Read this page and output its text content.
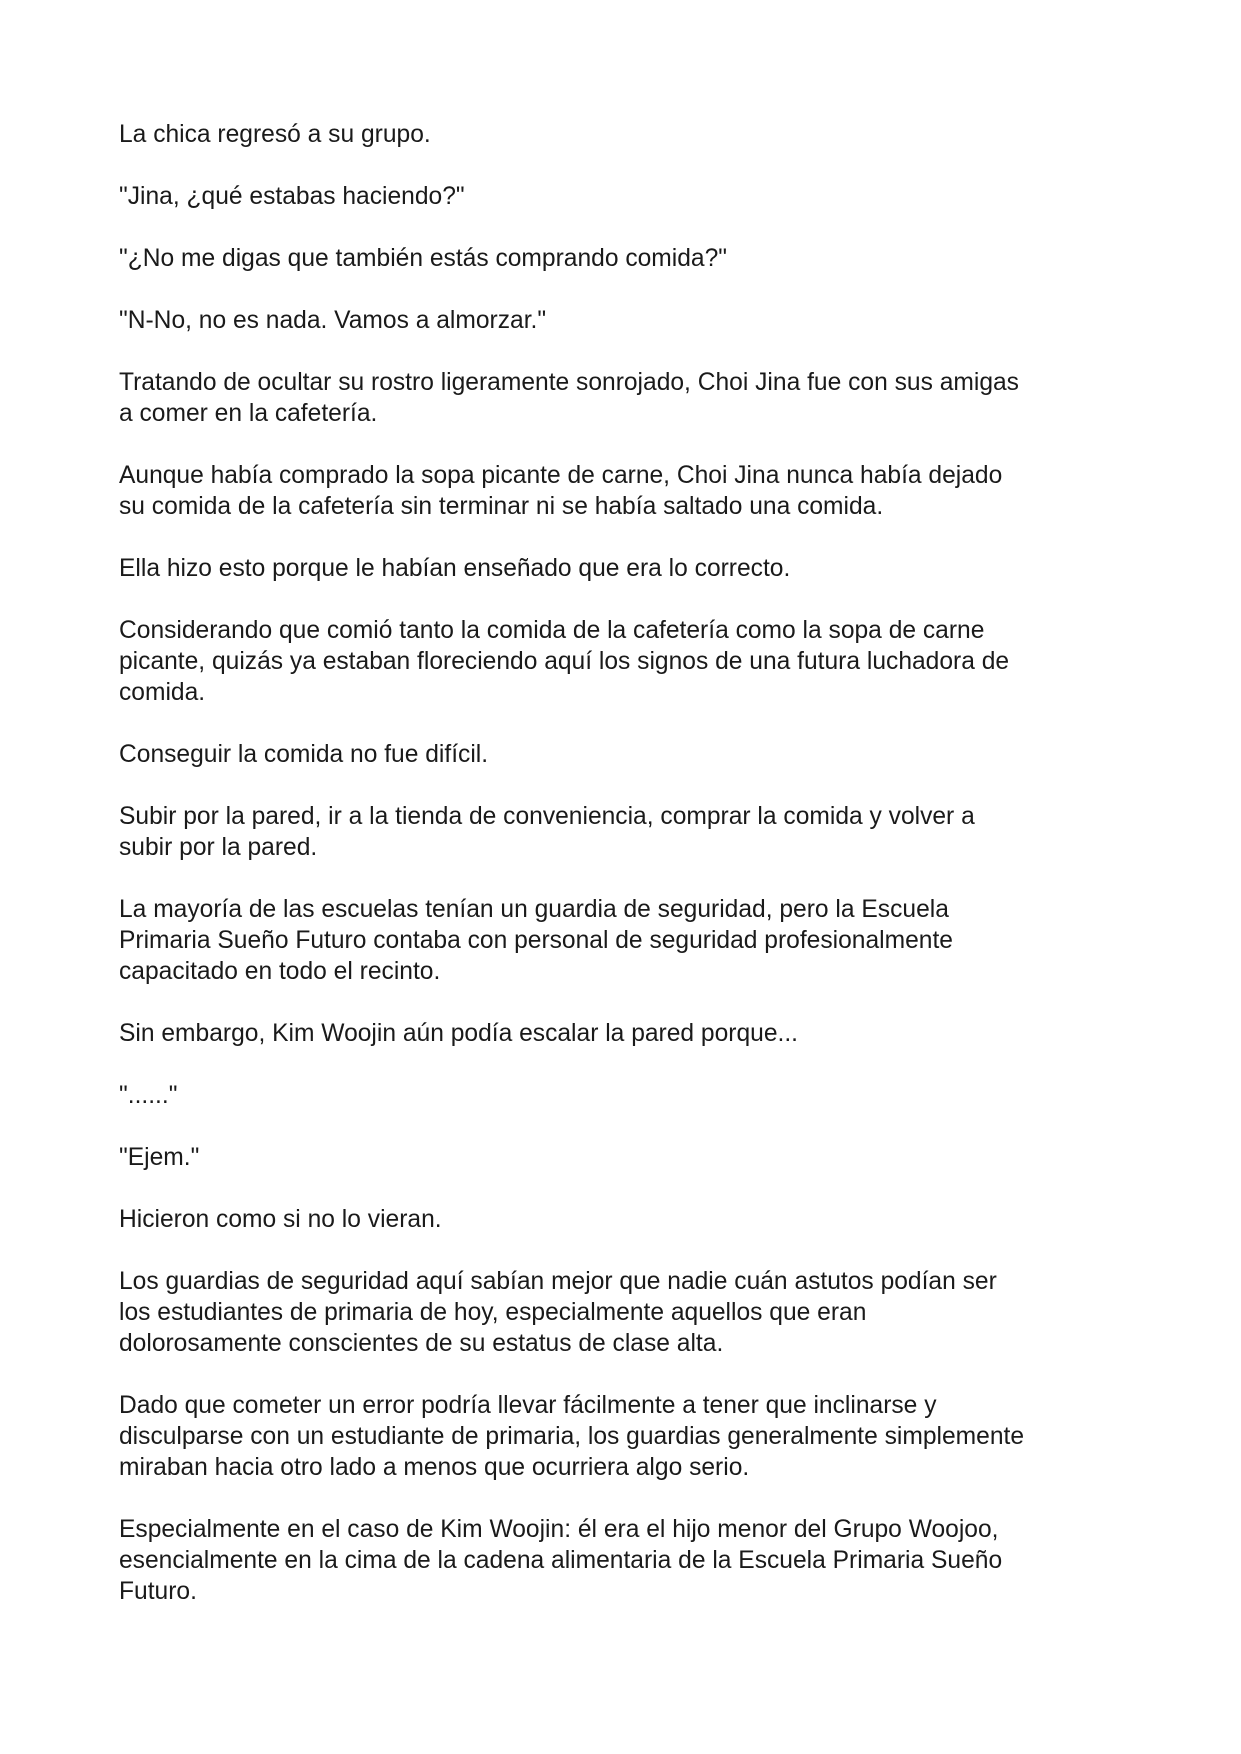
La chica regresó a su grupo.

"Jina, ¿qué estabas haciendo?"

"¿No me digas que también estás comprando comida?"

"N-No, no es nada. Vamos a almorzar."

Tratando de ocultar su rostro ligeramente sonrojado, Choi Jina fue con sus amigas
a comer en la cafetería.

Aunque había comprado la sopa picante de carne, Choi Jina nunca había dejado
su comida de la cafetería sin terminar ni se había saltado una comida.

Ella hizo esto porque le habían enseñado que era lo correcto.

Considerando que comió tanto la comida de la cafetería como la sopa de carne
picante, quizás ya estaban floreciendo aquí los signos de una futura luchadora de
comida.

Conseguir la comida no fue difícil.

Subir por la pared, ir a la tienda de conveniencia, comprar la comida y volver a
subir por la pared.

La mayoría de las escuelas tenían un guardia de seguridad, pero la Escuela
Primaria Sueño Futuro contaba con personal de seguridad profesionalmente
capacitado en todo el recinto.

Sin embargo, Kim Woojin aún podía escalar la pared porque...

"......"

"Ejem."

Hicieron como si no lo vieran.

Los guardias de seguridad aquí sabían mejor que nadie cuán astutos podían ser
los estudiantes de primaria de hoy, especialmente aquellos que eran
dolorosamente conscientes de su estatus de clase alta.

Dado que cometer un error podría llevar fácilmente a tener que inclinarse y
disculparse con un estudiante de primaria, los guardias generalmente simplemente
miraban hacia otro lado a menos que ocurriera algo serio.

Especialmente en el caso de Kim Woojin: él era el hijo menor del Grupo Woojoo,
esencialmente en la cima de la cadena alimentaria de la Escuela Primaria Sueño
Futuro.
